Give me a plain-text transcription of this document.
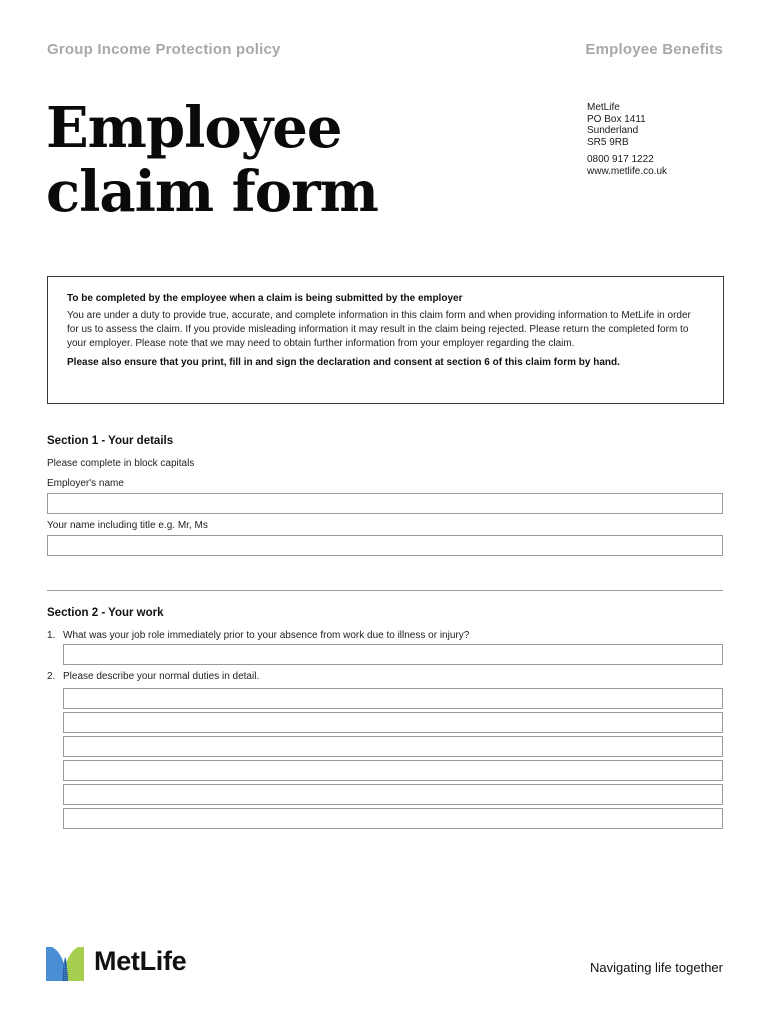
Group Income Protection policy	Employee Benefits
Employee
claim form
MetLife
PO Box 1411
Sunderland
SR5 9RB
0800 917 1222
www.metlife.co.uk
To be completed by the employee when a claim is being submitted by the employer
You are under a duty to provide true, accurate, and complete information in this claim form and when providing information to MetLife in order for us to assess the claim. If you provide misleading information it may result in the claim being rejected. Please return the completed form to your employer. Please note that we may need to obtain further information from your employer regarding the claim.
Please also ensure that you print, fill in and sign the declaration and consent at section 6 of this claim form by hand.
Section 1 - Your details
Please complete in block capitals
Employer's name
Your name including title e.g. Mr, Ms
Section 2 - Your work
1. What was your job role immediately prior to your absence from work due to illness or injury?
2. Please describe your normal duties in detail.
MetLife	Navigating life together
